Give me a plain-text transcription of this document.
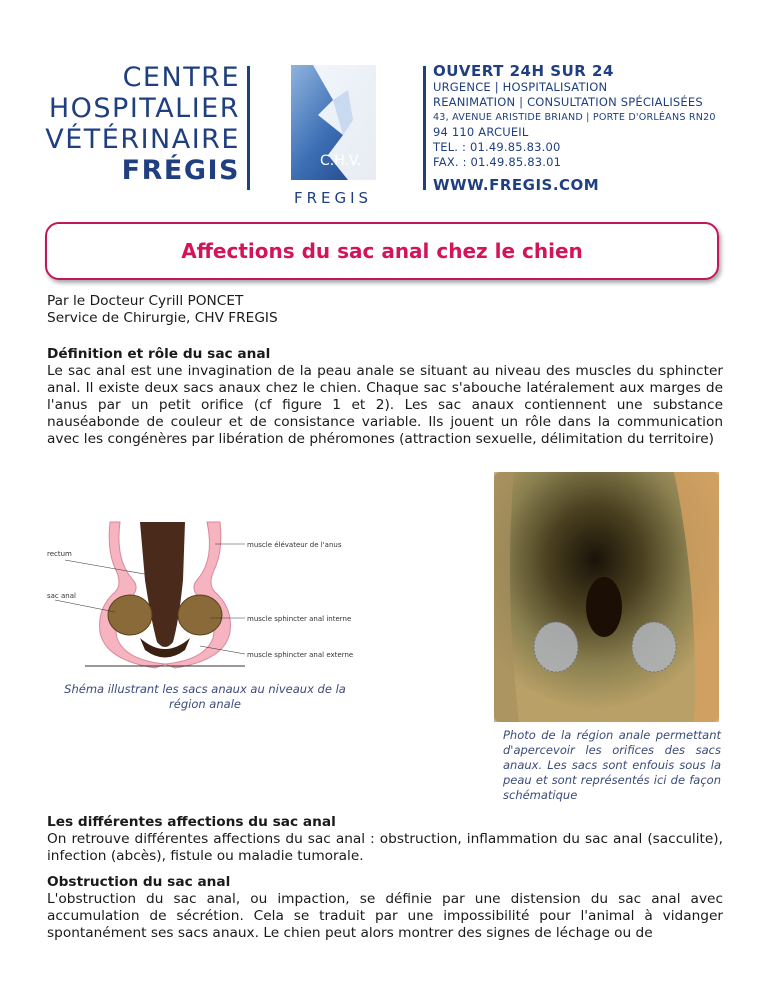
CENTRE
HOSPITALIER
VÉTÉRINAIRE
FRÉGIS	C.H.V.
FREGIS
OUVERT 24H SUR 24
URGENCE | HOSPITALISATION
REANIMATION | CONSULTATION SPÉCIALISÉES
43, AVENUE ARISTIDE BRIAND | PORTE D'ORLÉANS RN20
94 110 ARCUEIL
TEL. : 01.49.85.83.00
FAX. : 01.49.85.83.01
WWW.FREGIS.COM
Affections du sac anal chez le chien
Par le Docteur Cyrill PONCET
Service de Chirurgie, CHV FREGIS
Définition et rôle du sac anal
Le sac anal est une invagination de la peau anale se situant au niveau des muscles du sphincter anal. Il existe deux sacs anaux chez le chien. Chaque sac s'abouche latéralement aux marges de l'anus par un petit orifice (cf figure 1 et 2). Les sac anaux contiennent une substance nauséabonde de couleur et de consistance variable. Ils jouent un rôle dans la communication avec les congénères par libération de phéromones (attraction sexuelle, délimitation du territoire)
muscle élévateur de l'anus
rectum
sac anal
muscle sphincter anal interne
muscle sphincter anal externe
Shéma illustrant les sacs anaux au niveaux de la région anale
Photo de la région anale permettant d'apercevoir les orifices des sacs anaux. Les sacs sont enfouis sous la peau et sont représentés ici de façon schématique
Les différentes affections du sac anal
On retrouve différentes affections du sac anal : obstruction, inflammation du sac anal (sacculite), infection (abcès), fistule ou maladie tumorale.
Obstruction du sac anal
L'obstruction du sac anal, ou impaction, se définie par une distension du sac anal avec accumulation de sécrétion. Cela se traduit par une impossibilité pour l'animal à vidanger spontanément ses sacs anaux. Le chien peut alors montrer des signes de léchage ou de
